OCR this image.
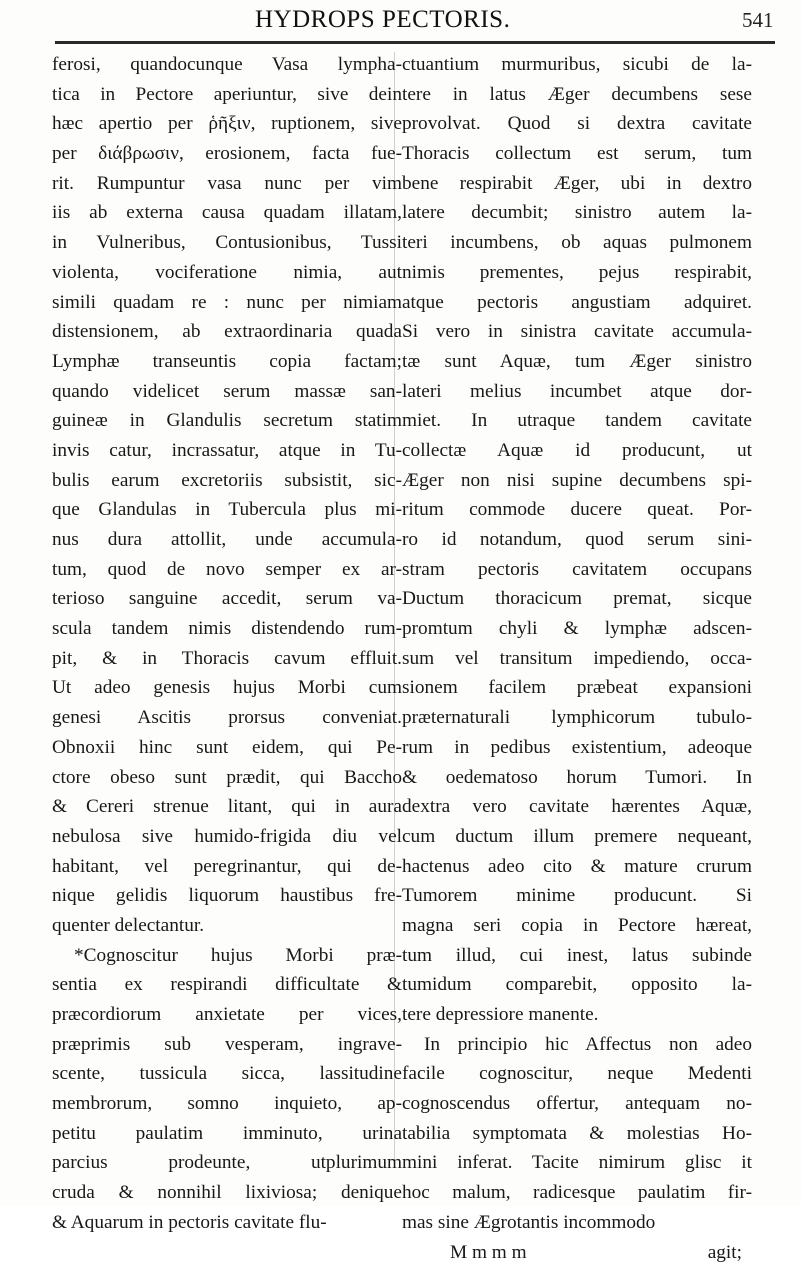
HYDROPS PECTORIS.	541
ferosi, quandocunque Vasa lympha-
tica in Pectore aperiuntur, sive dein
hæc apertio per ῥῆξιν, ruptionem, sive
per διάβρωσιν, erosionem, facta fue-
rit. Rumpuntur vasa nunc per vim
iis ab externa causa quadam illatam,
in Vulneribus, Contusionibus, Tussi
violenta, vociferatione nimia, aut
simili quadam re : nunc per nimiam
distensionem, ab extraordinaria quada
Lymphæ transeuntis copia factam;
quando videlicet serum massæ san-
guineæ in Glandulis secretum statim
invis catur, incrassatur, atque in Tu-
bulis earum excretoriis subsistit, sic-
que Glandulas in Tubercula plus mi-
nus dura attollit, unde accumula-
tum, quod de novo semper ex ar-
terioso sanguine accedit, serum va-
scula tandem nimis distendendo rum-
pit, & in Thoracis cavum effluit.
Ut adeo genesis hujus Morbi cum
genesi Ascitis prorsus conveniat.
Obnoxii hinc sunt eidem, qui Pe-
ctore obeso sunt prædit, qui Baccho
& Cereri strenue litant, qui in aura
nebulosa sive humido-frigida diu vel
habitant, vel peregrinantur, qui de-
nique gelidis liquorum haustibus fre-
quenter delectantur.
*Cognoscitur hujus Morbi præ-
sentia ex respirandi difficultate &
præcordiorum anxietate per vices,
præprimis sub vesperam, ingrave-
scente, tussicula sicca, lassitudine
membrorum, somno inquieto, ap-
petitu paulatim imminuto, urina
parcius prodeunte, utplurimum
cruda & nonnihil lixiviosa; denique
& Aquarum in pectoris cavitate flu-
ctuantium murmuribus, sicubi de la-
tere in latus Æger decumbens sese
provolvat. Quod si dextra cavitate
Thoracis collectum est serum, tum
bene respirabit Æger, ubi in dextro
latere decumbit; sinistro autem la-
teri incumbens, ob aquas pulmonem
nimis prementes, pejus respirabit,
atque pectoris angustiam adquiret.
Si vero in sinistra cavitate accumula-
tæ sunt Aquæ, tum Æger sinistro
lateri melius incumbet atque dor-
miet. In utraque tandem cavitate
collectæ Aquæ id producunt, ut
Æger non nisi supine decumbens spi-
ritum commode ducere queat. Por-
ro id notandum, quod serum sini-
stram pectoris cavitatem occupans
Ductum thoracicum premat, sicque
promtum chyli & lymphæ adscen-
sum vel transitum impediendo, occa-
sionem facilem præbeat expansioni
præternaturali lymphicorum tubulo-
rum in pedibus existentium, adeoque
& oedematoso horum Tumori. In
dextra vero cavitate hærentes Aquæ,
cum ductum illum premere nequeant,
hactenus adeo cito & mature crurum
Tumorem minime producunt. Si
magna seri copia in Pectore hæreat,
tum illud, cui inest, latus subinde
tumidum comparebit, opposito la-
tere depressiore manente.
In principio hic Affectus non adeo
facile cognoscitur, neque Medenti
cognoscendus offertur, antequam no-
tabilia symptomata & molestias Ho-
mini inferat. Tacite nimirum glisc it
hoc malum, radicesque paulatim fir-
mas sine Ægrotantis incommodo
M m m m	agit;
